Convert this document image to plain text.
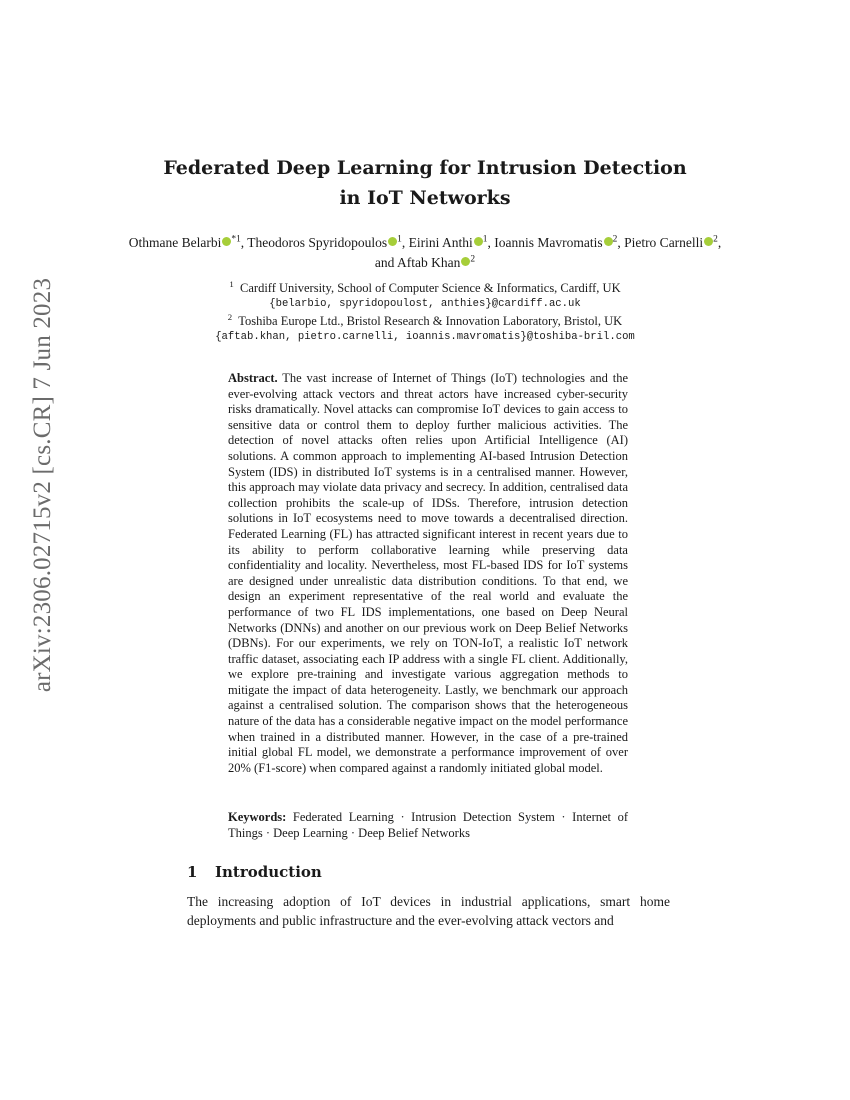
arXiv:2306.02715v2 [cs.CR] 7 Jun 2023
Federated Deep Learning for Intrusion Detection
in IoT Networks
Othmane Belarbi $^{*1}$, Theodoros Spyridopoulos $^1$, Eirini Anthi $^1$, Ioannis Mavromatis $^2$, Pietro Carnelli $^2$, and Aftab Khan $^2$
$^1$ Cardiff University, School of Computer Science & Informatics, Cardiff, UK
{belarbio, spyridopoulost, anthies}@cardiff.ac.uk
$^2$ Toshiba Europe Ltd., Bristol Research & Innovation Laboratory, Bristol, UK
{aftab.khan, pietro.carnelli, ioannis.mavromatis}@toshiba-bril.com
Abstract. The vast increase of Internet of Things (IoT) technologies and the ever-evolving attack vectors and threat actors have increased cyber-security risks dramatically. Novel attacks can compromise IoT devices to gain access to sensitive data or control them to deploy further malicious activities. The detection of novel attacks often relies upon Artificial Intelligence (AI) solutions. A common approach to implementing AI-based Intrusion Detection System (IDS) in distributed IoT systems is in a centralised manner. However, this approach may violate data privacy and secrecy. In addition, centralised data collection prohibits the scale-up of IDSs. Therefore, intrusion detection solutions in IoT ecosystems need to move towards a decentralised direction. Federated Learning (FL) has attracted significant interest in recent years due to its ability to perform collaborative learning while preserving data confidentiality and locality. Nevertheless, most FL-based IDS for IoT systems are designed under unrealistic data distribution conditions. To that end, we design an experiment representative of the real world and evaluate the performance of two FL IDS implementations, one based on Deep Neural Networks (DNNs) and another on our previous work on Deep Belief Networks (DBNs). For our experiments, we rely on TON-IoT, a realistic IoT network traffic dataset, associating each IP address with a single FL client. Additionally, we explore pre-training and investigate various aggregation methods to mitigate the impact of data heterogeneity. Lastly, we benchmark our approach against a centralised solution. The comparison shows that the heterogeneous nature of the data has a considerable negative impact on the model performance when trained in a distributed manner. However, in the case of a pre-trained initial global FL model, we demonstrate a performance improvement of over 20% (F1-score) when compared against a randomly initiated global model.
Keywords: Federated Learning · Intrusion Detection System · Internet of Things · Deep Learning · Deep Belief Networks
1 Introduction
The increasing adoption of IoT devices in industrial applications, smart home deployments and public infrastructure and the ever-evolving attack vectors and
